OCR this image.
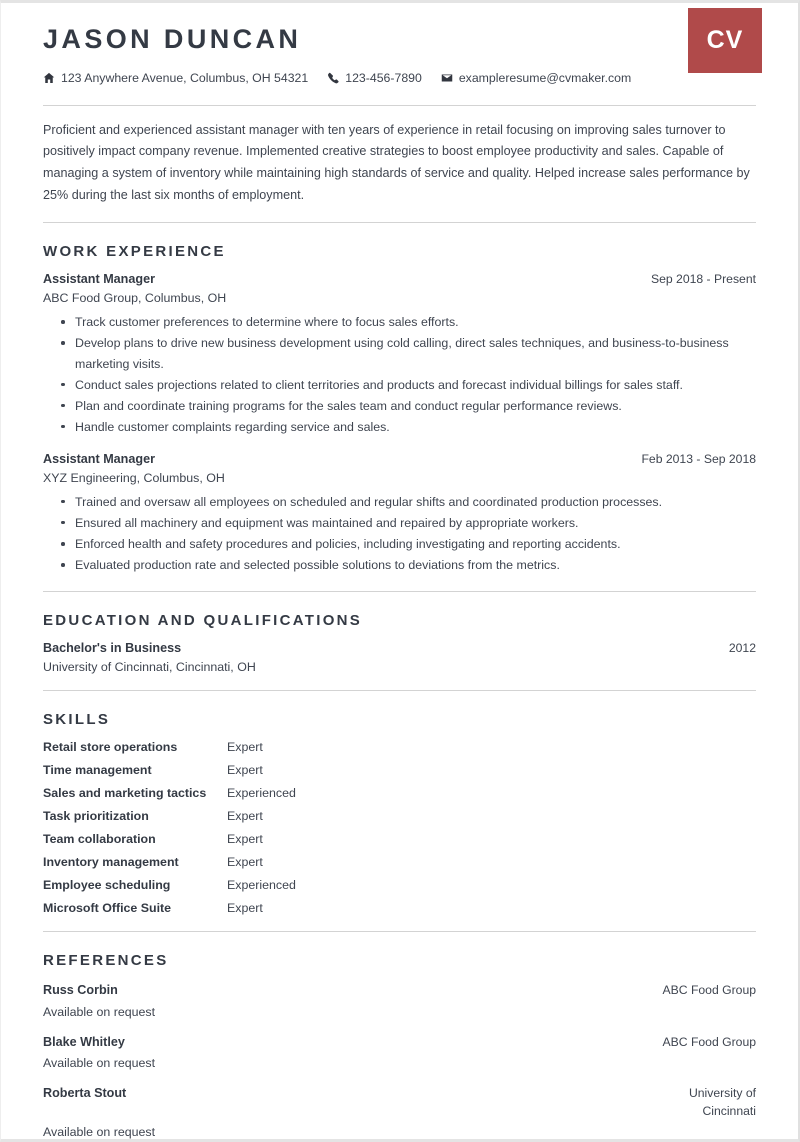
CV
JASON DUNCAN
123 Anywhere Avenue, Columbus, OH 54321	123-456-7890	exampleresume@cvmaker.com

Proficient and experienced assistant manager with ten years of experience in retail focusing on improving sales turnover to positively impact company revenue. Implemented creative strategies to boost employee productivity and sales. Capable of managing a system of inventory while maintaining high standards of service and quality. Helped increase sales performance by 25% during the last six months of employment.

WORK EXPERIENCE
Assistant Manager	Sep 2018 - Present
ABC Food Group, Columbus, OH
Track customer preferences to determine where to focus sales efforts.
Develop plans to drive new business development using cold calling, direct sales techniques, and business-to-business marketing visits.
Conduct sales projections related to client territories and products and forecast individual billings for sales staff.
Plan and coordinate training programs for the sales team and conduct regular performance reviews.
Handle customer complaints regarding service and sales.
Assistant Manager	Feb 2013 - Sep 2018
XYZ Engineering, Columbus, OH
Trained and oversaw all employees on scheduled and regular shifts and coordinated production processes.
Ensured all machinery and equipment was maintained and repaired by appropriate workers.
Enforced health and safety procedures and policies, including investigating and reporting accidents.
Evaluated production rate and selected possible solutions to deviations from the metrics.
EDUCATION AND QUALIFICATIONS
Bachelor's in Business	2012
University of Cincinnati, Cincinnati, OH
SKILLS
Retail store operations	Expert
Time management	Expert
Sales and marketing tactics	Experienced
Task prioritization	Expert
Team collaboration	Expert
Inventory management	Expert
Employee scheduling	Experienced
Microsoft Office Suite	Expert
REFERENCES
Russ Corbin	ABC Food Group
Available on request
Blake Whitley	ABC Food Group
Available on request
Roberta Stout	University of Cincinnati
Available on request
